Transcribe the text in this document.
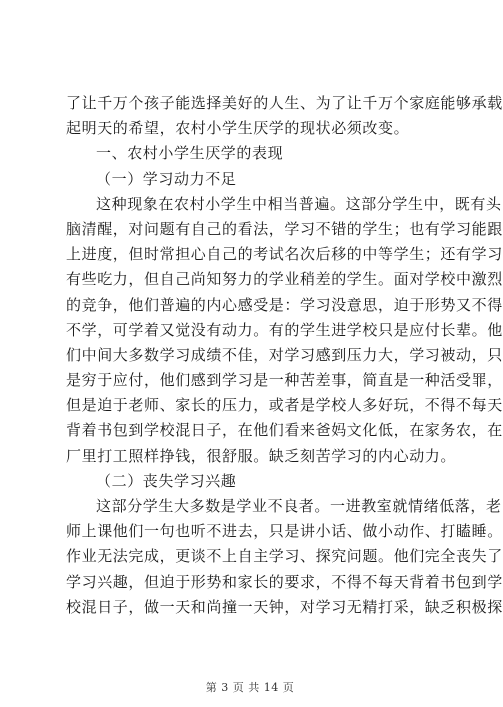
了让千万个孩子能选择美好的人生、为了让千万个家庭能够承载
起明天的希望，农村小学生厌学的现状必须改变。
一、农村小学生厌学的表现
（一）学习动力不足
这种现象在农村小学生中相当普遍。这部分学生中，既有头
脑清醒，对问题有自己的看法，学习不错的学生；也有学习能跟
上进度，但时常担心自己的考试名次后移的中等学生；还有学习
有些吃力，但自己尚知努力的学业稍差的学生。面对学校中激烈
的竞争，他们普遍的内心感受是：学习没意思，迫于形势又不得
不学，可学着又觉没有动力。有的学生进学校只是应付长辈。他
们中间大多数学习成绩不佳，对学习感到压力大，学习被动，只
是穷于应付，他们感到学习是一种苦差事，简直是一种活受罪，
但是迫于老师、家长的压力，或者是学校人多好玩，不得不每天
背着书包到学校混日子，在他们看来爸妈文化低，在家务农，在
厂里打工照样挣钱，很舒服。缺乏刻苦学习的内心动力。
（二）丧失学习兴趣
这部分学生大多数是学业不良者。一进教室就情绪低落，老
师上课他们一句也听不进去，只是讲小话、做小动作、打瞌睡。
作业无法完成，更谈不上自主学习、探究问题。他们完全丧失了
学习兴趣，但迫于形势和家长的要求，不得不每天背着书包到学
校混日子，做一天和尚撞一天钟，对学习无精打采，缺乏积极探
第 3 页 共 14 页
